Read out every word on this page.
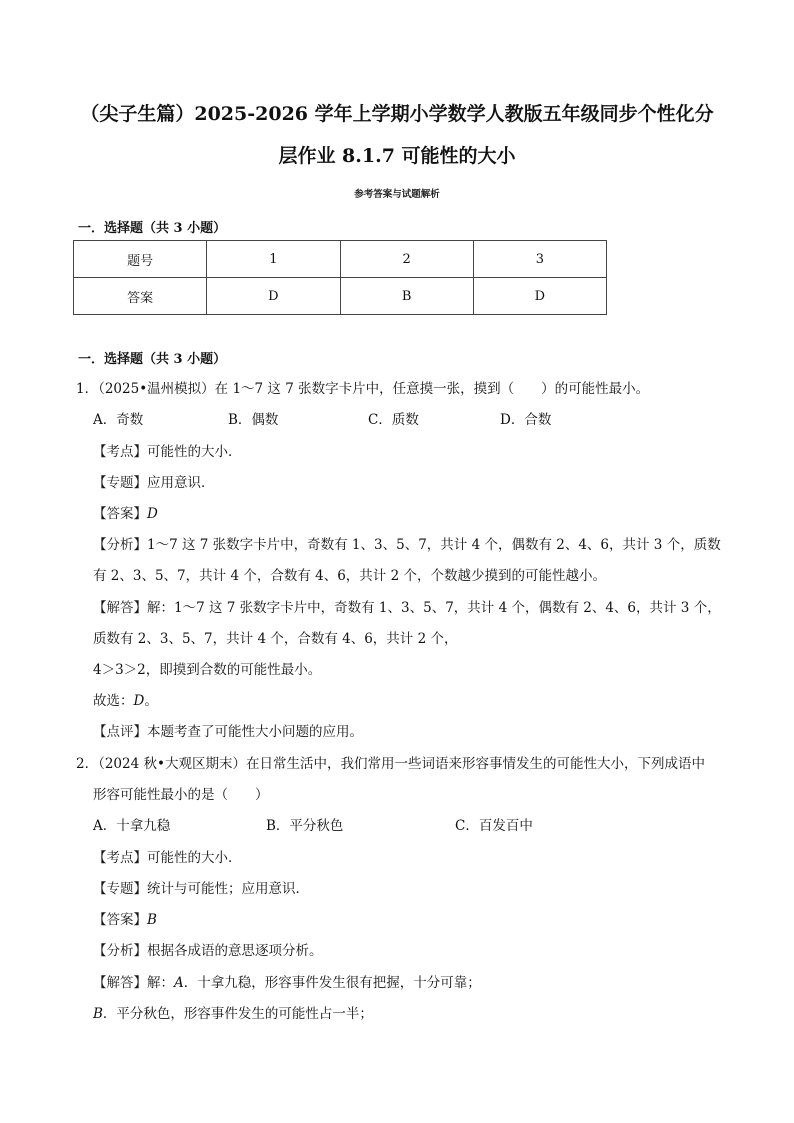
（尖子生篇）2025-2026 学年上学期小学数学人教版五年级同步个性化分
层作业 8.1.7 可能性的大小
参考答案与试题解析
一．选择题（共 3 小题）
题号	1	2	3
答案	D	B	D
一．选择题（共 3 小题）
1．（2025•温州模拟）在 1～7 这 7 张数字卡片中，任意摸一张，摸到（　　）的可能性最小。
A．奇数	B．偶数	C．质数	D．合数
【考点】可能性的大小．
【专题】应用意识．
【答案】D
【分析】1～7 这 7 张数字卡片中，奇数有 1、3、5、7，共计 4 个，偶数有 2、4、6，共计 3 个，质数
有 2、3、5、7，共计 4 个，合数有 4、6，共计 2 个，个数越少摸到的可能性越小。
【解答】解：1～7 这 7 张数字卡片中，奇数有 1、3、5、7，共计 4 个，偶数有 2、4、6，共计 3 个，
质数有 2、3、5、7，共计 4 个，合数有 4、6，共计 2 个，
4＞3＞2，即摸到合数的可能性最小。
故选：D。
【点评】本题考查了可能性大小问题的应用。
2．（2024 秋•大观区期末）在日常生活中，我们常用一些词语来形容事情发生的可能性大小，下列成语中
形容可能性最小的是（　　）
A．十拿九稳	B．平分秋色	C．百发百中
【考点】可能性的大小．
【专题】统计与可能性；应用意识．
【答案】B
【分析】根据各成语的意思逐项分析。
【解答】解：A．十拿九稳，形容事件发生很有把握，十分可靠；
B．平分秋色，形容事件发生的可能性占一半；
